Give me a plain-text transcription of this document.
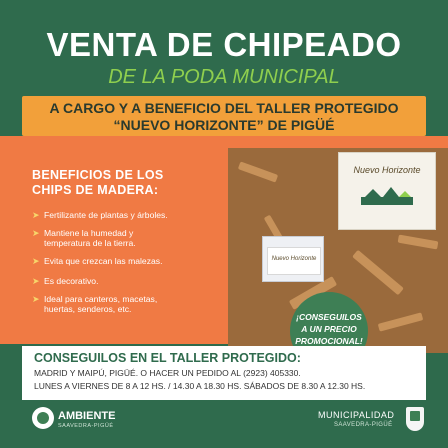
VENTA DE CHIPEADO
DE LA PODA MUNICIPAL
Nuevo Horizonte
Nuevo Horizonte
¡CONSEGUILOS
A UN PRECIO
PROMOCIONAL!
A CARGO Y A BENEFICIO DEL TALLER PROTEGIDO
“NUEVO HORIZONTE” DE PIGÜÉ
BENEFICIOS DE LOS
CHIPS DE MADERA:
➤ Fertilizante de plantas y árboles.
➤ Mantiene la humedad y
temperatura de la tierra.
➤ Evita que crezcan las malezas.
➤ Es decorativo.
➤ Ideal para canteros, macetas,
huertas, senderos, etc.
CONSEGUILOS EN EL TALLER PROTEGIDO:
MADRID Y MAIPÚ, PIGÜÉ. O HACER UN PEDIDO AL (2923) 405330.
LUNES A VIERNES DE 8 A 12 HS. / 14.30 A 18.30 HS. SÁBADOS DE 8.30 A 12.30 HS.
AMBIENTE
SAAVEDRA-PIGÜÉ
MUNICIPALIDAD
SAAVEDRA-PIGÜÉ
